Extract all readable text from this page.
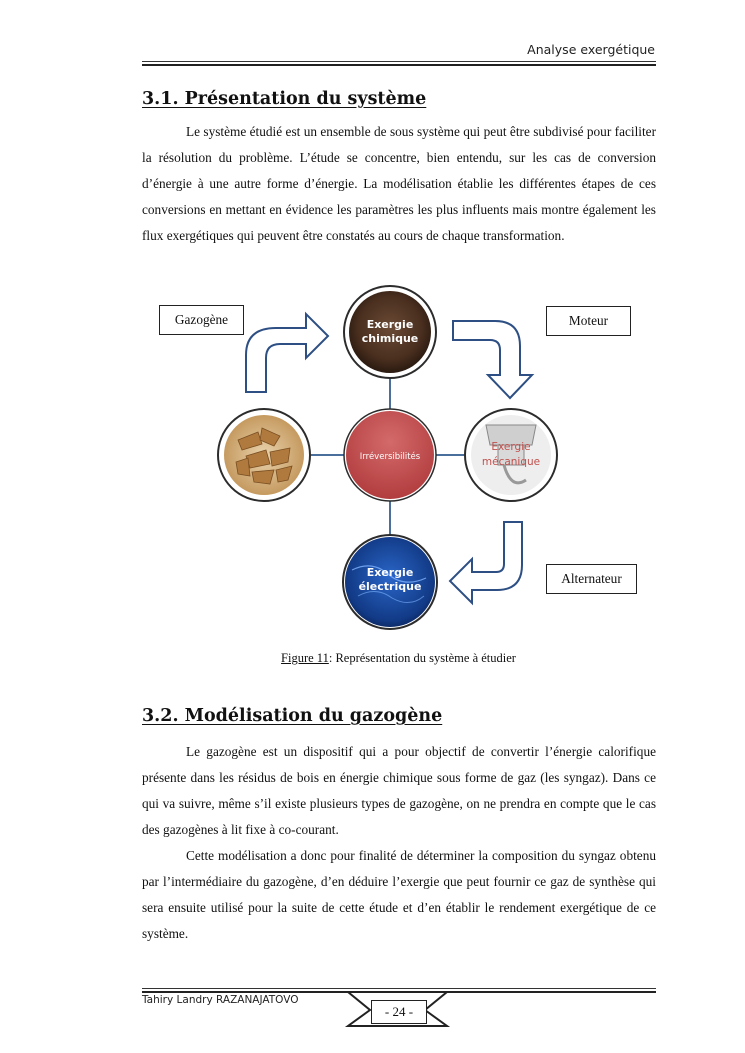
Analyse exergétique
3.1. Présentation du système

Le système étudié est un ensemble de sous système qui peut être subdivisé pour faciliter la résolution du problème. L’étude se concentre, bien entendu, sur les cas de conversion d’énergie à une autre forme d’énergie. La modélisation établie les différentes étapes de ces conversions en mettant en évidence les paramètres les plus influents mais montre également les flux exergétiques qui peuvent être constatés au cours de chaque transformation.

Exergie
chimique
Irréversibilités
Exergie
mécanique
Exergie
électrique
Gazogène	Moteur
Alternateur
Figure 11: Représentation du système à étudier
3.2. Modélisation du gazogène

Le gazogène est un dispositif qui a pour objectif de convertir l’énergie calorifique présente dans les résidus de bois en énergie chimique sous forme de gaz (les syngaz). Dans ce qui va suivre, même s’il existe plusieurs types de gazogène, on ne prendra en compte que le cas des gazogènes à lit fixe à co-courant.

Cette modélisation a donc pour finalité de déterminer la composition du syngaz obtenu par l’intermédiaire du gazogène, d’en déduire l’exergie que peut fournir ce gaz de synthèse qui sera ensuite utilisé pour la suite de cette étude et d’en établir le rendement exergétique de ce système.

Tahiry Landry RAZANAJATOVO
- 24 -
